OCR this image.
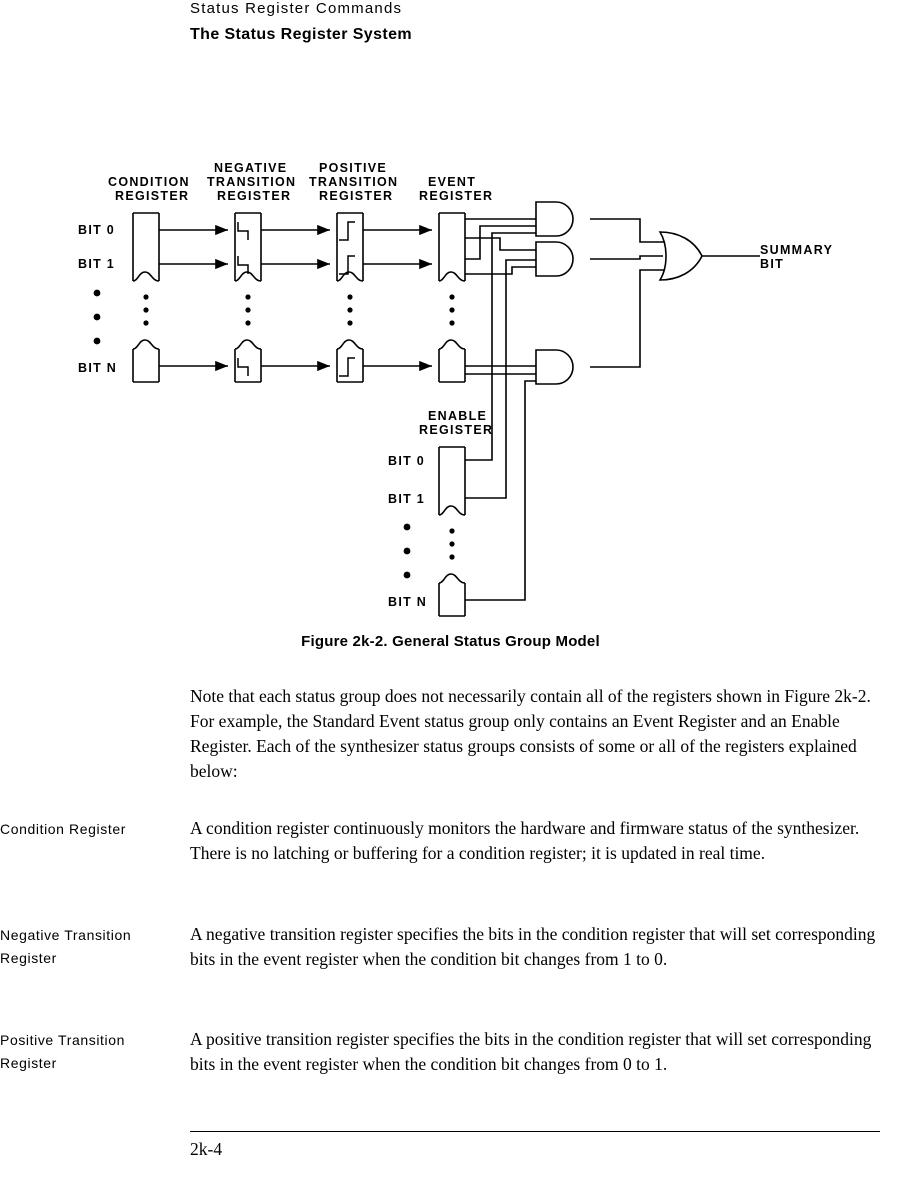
Status Register Commands
The Status Register System
CONDITION
REGISTER
NEGATIVE
TRANSITION
REGISTER
POSITIVE
TRANSITION
REGISTER
EVENT
REGISTER
ENABLE
REGISTER
BIT 0
BIT 1
BIT N
BIT 0
BIT 1
BIT N
SUMMARY
BIT
Figure 2k-2. General Status Group Model
Note that each status group does not necessarily contain all of the registers shown in Figure 2k-2. For example, the Standard Event status group only contains an Event Register and an Enable Register. Each of the synthesizer status groups consists of some or all of the registers explained below:
Condition Register	A condition register continuously monitors the hardware and firmware status of the synthesizer. There is no latching or buffering for a condition register; it is updated in real time.
Negative Transition Register
A negative transition register specifies the bits in the condition register that will set corresponding bits in the event register when the condition bit changes from 1 to 0.
Positive Transition Register
A positive transition register specifies the bits in the condition register that will set corresponding bits in the event register when the condition bit changes from 0 to 1.
2k-4
